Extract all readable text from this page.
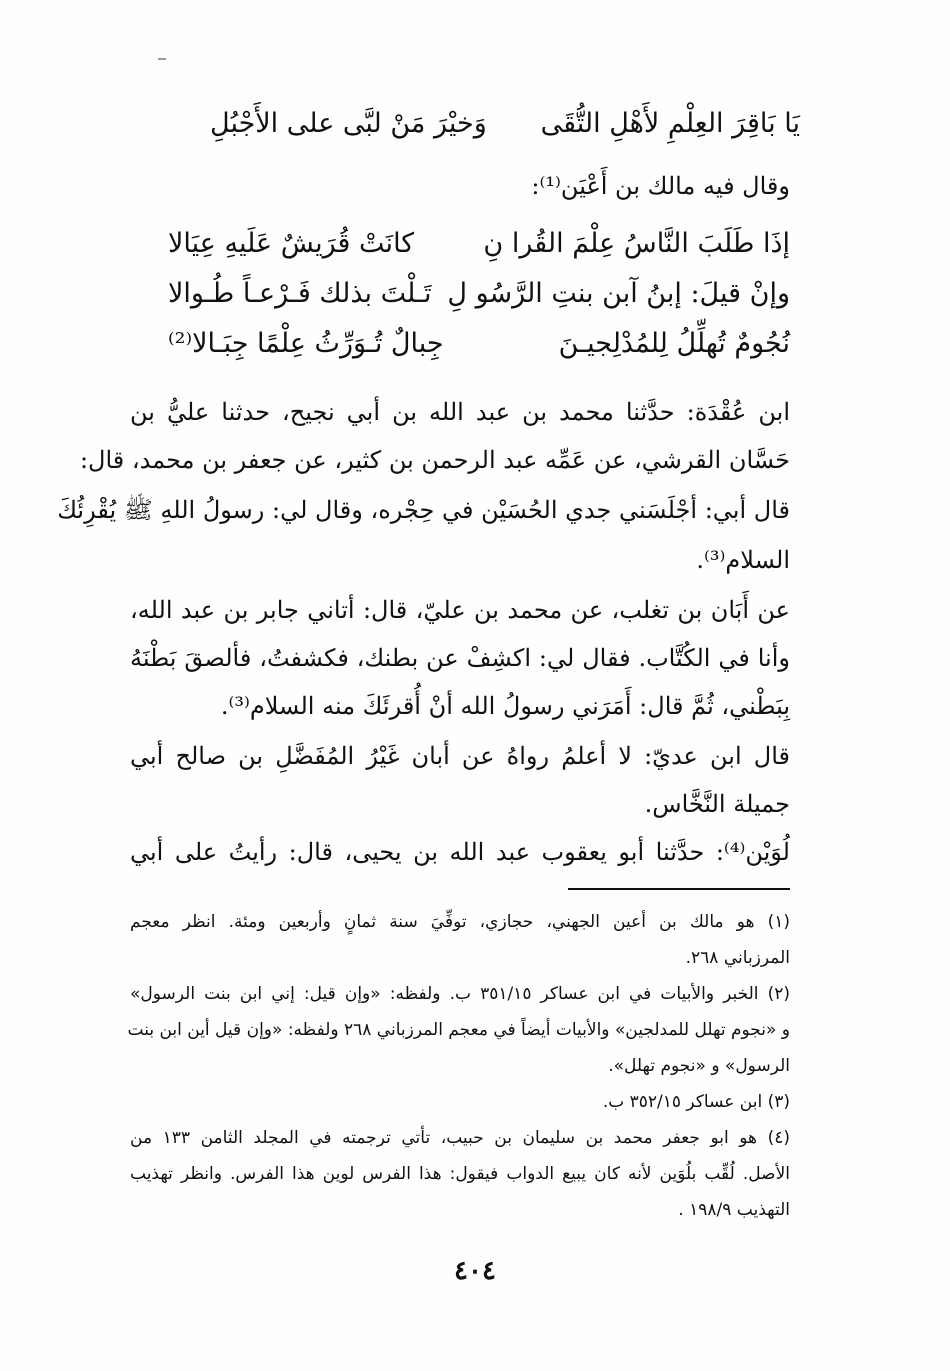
يَا بَاقِرَ العِلْمِ لأَهْلِ التُّقَى
وَخيْرَ مَنْ لبَّى على الأَجْبُلِ
وقال فيه مالك بن أَعْيَن⁽¹⁾:
إذَا طَلَبَ النَّاسُ عِلْمَ القُرا نِ
كانَتْ قُرَيشٌ عَلَيهِ عِيَالا
وإنْ قيلَ: إبنُ آبن بنتِ الرَّسُو لِ
تَـلْتَ بذلك فَـرْعـاً طُـوالا
نُجُومٌ تُهلِّلُ لِلمُدْلِجيـنَ
جِبالٌ تُـوَرِّثُ عِلْمًا جِبَـالا⁽²⁾
ابن عُقْدَة: حدَّثنا محمد بن عبد الله بن أبي نجيح، حدثنا عليُّ بن
حَسَّان القرشي، عن عَمِّه عبد الرحمن بن كثير، عن جعفر بن محمد، قال:
قال أبي: أجْلَسَني جدي الحُسَيْن في حِجْره، وقال لي: رسولُ اللهِ ﷺ يُقْرِئُكَ
السلام⁽³⁾.
عن أَبَان بن تغلب، عن محمد بن عليّ، قال: أتاني جابر بن عبد الله،
وأنا في الكُتَّاب. فقال لي: اكشِفْ عن بطنك، فكشفتُ، فألصقَ بَطْنَهُ
بِبَطْني، ثُمَّ قال: أَمَرَني رسولُ الله أنْ أُقرئَكَ منه السلام⁽³⁾.
قال ابن عديّ: لا أعلمُ رواهُ عن أبان غَيْرُ المُفَضَّلِ بن صالح أبي
جميلة النَّخَّاس.
لُوَيْن⁽⁴⁾: حدَّثنا أبو يعقوب عبد الله بن يحيى، قال: رأيتُ على أبي
(١) هو مالك بن أعين الجهني، حجازي، توفِّيَ سنة ثمانٍ وأربعين ومئة. انظر معجم
المرزباني ٢٦٨.
(٢) الخبر والأبيات في ابن عساكر ٣٥١/١٥ ب. ولفظه: «وإن قيل: إني ابن بنت الرسول»
و «نجوم تهلل للمدلجين» والأبيات أيضاً في معجم المرزباني ٢٦٨ ولفظه: «وإن قيل أين ابن بنت
الرسول» و «نجوم تهلل».
(٣) ابن عساكر ٣٥٢/١٥ ب.
(٤) هو ابو جعفر محمد بن سليمان بن حبيب، تأتي ترجمته في المجلد الثامن ١٣٣ من
الأصل. لُقِّب بلُوَين لأنه كان يبيع الدواب فيقول: هذا الفرس لوين هذا الفرس. وانظر تهذيب
التهذيب ١٩٨/٩ .
٤٠٤
